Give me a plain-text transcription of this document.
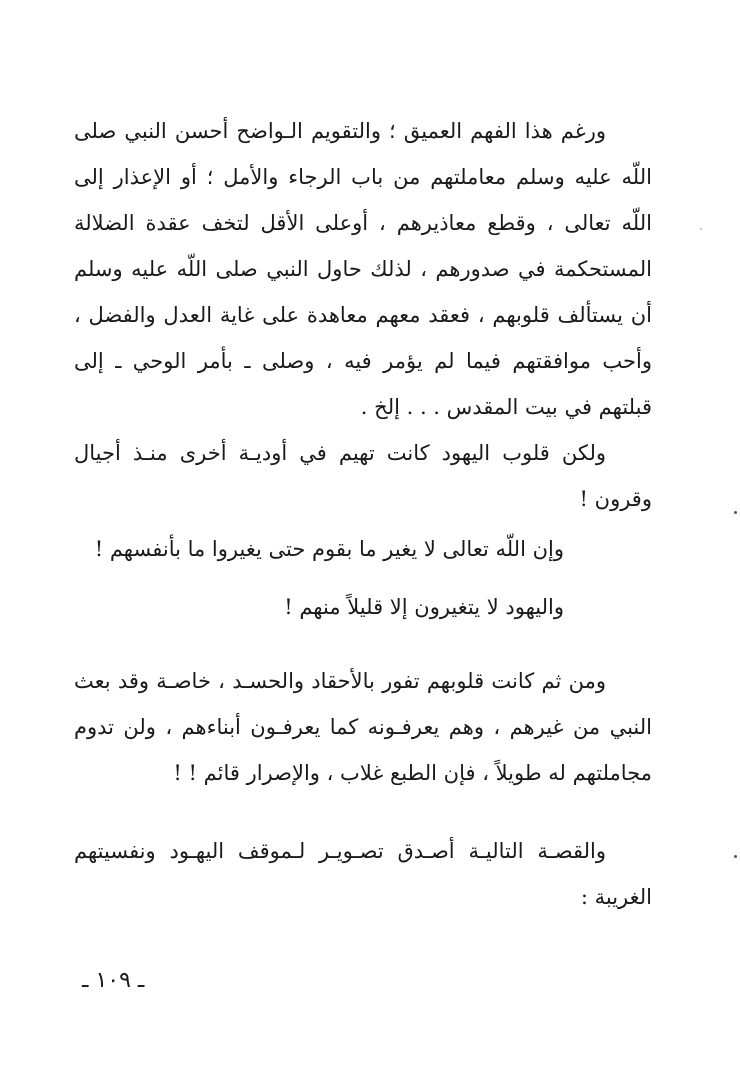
ورغم هذا الفهم العميق ؛ والتقويم الـواضح أحسن النبي صلى اللّه عليه وسلم معاملتهم من باب الرجاء والأمل ؛ أو الإعذار إلى اللّه تعالى ، وقطع معاذيرهم ، أوعلى الأقل لتخف عقدة الضلالة المستحكمة في صدورهم ، لذلك حاول النبي صلى اللّه عليه وسلم أن يستألف قلوبهم ، فعقد معهم معاهدة على غاية العدل والفضل ، وأحب موافقتهم فيما لم يؤمر فيه ، وصلى ـ بأمر الوحي ـ إلى قبلتهم في بيت المقدس . . . إلخ .

ولكن قلوب اليهود كانت تهيم في أوديـة أخرى منـذ أجيال وقرون !

وإن اللّه تعالى لا يغير ما بقوم حتى يغيروا ما بأنفسهم !

واليهود لا يتغيرون إلا قليلاً منهم !

ومن ثم كانت قلوبهم تفور بالأحقاد والحسـد ، خاصـة وقد بعث النبي من غيرهم ، وهم يعرفـونه كما يعرفـون أبناءهم ، ولن تدوم مجاملتهم له طويلاً ، فإن الطبع غلاب ، والإصرار قائم ! !

والقصـة التاليـة أصـدق تصـويـر لـموقف اليهـود ونفسيتهم الغريبة :

ـ ١٠٩ ـ
